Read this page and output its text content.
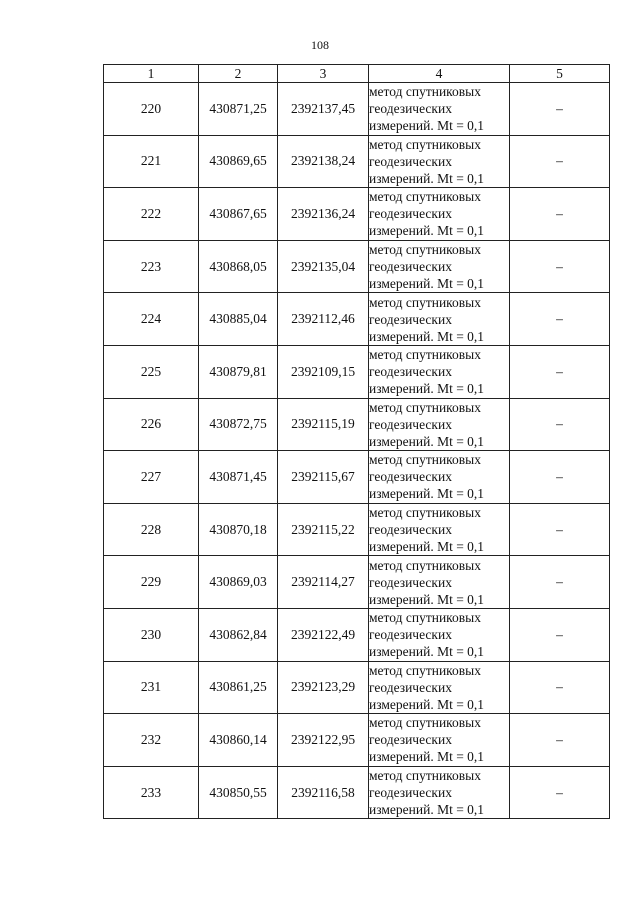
108
1	2	3	4	5
220	430871,25	2392137,45	метод спутниковых
геодезических
измерений. Mt = 0,1	–
221	430869,65	2392138,24	метод спутниковых
геодезических
измерений. Mt = 0,1	–
222	430867,65	2392136,24	метод спутниковых
геодезических
измерений. Mt = 0,1	–
223	430868,05	2392135,04	метод спутниковых
геодезических
измерений. Mt = 0,1	–
224	430885,04	2392112,46	метод спутниковых
геодезических
измерений. Mt = 0,1	–
225	430879,81	2392109,15	метод спутниковых
геодезических
измерений. Mt = 0,1	–
226	430872,75	2392115,19	метод спутниковых
геодезических
измерений. Mt = 0,1	–
227	430871,45	2392115,67	метод спутниковых
геодезических
измерений. Mt = 0,1	–
228	430870,18	2392115,22	метод спутниковых
геодезических
измерений. Mt = 0,1	–
229	430869,03	2392114,27	метод спутниковых
геодезических
измерений. Mt = 0,1	–
230	430862,84	2392122,49	метод спутниковых
геодезических
измерений. Mt = 0,1	–
231	430861,25	2392123,29	метод спутниковых
геодезических
измерений. Mt = 0,1	–
232	430860,14	2392122,95	метод спутниковых
геодезических
измерений. Mt = 0,1	–
233	430850,55	2392116,58	метод спутниковых
геодезических
измерений. Mt = 0,1	–
